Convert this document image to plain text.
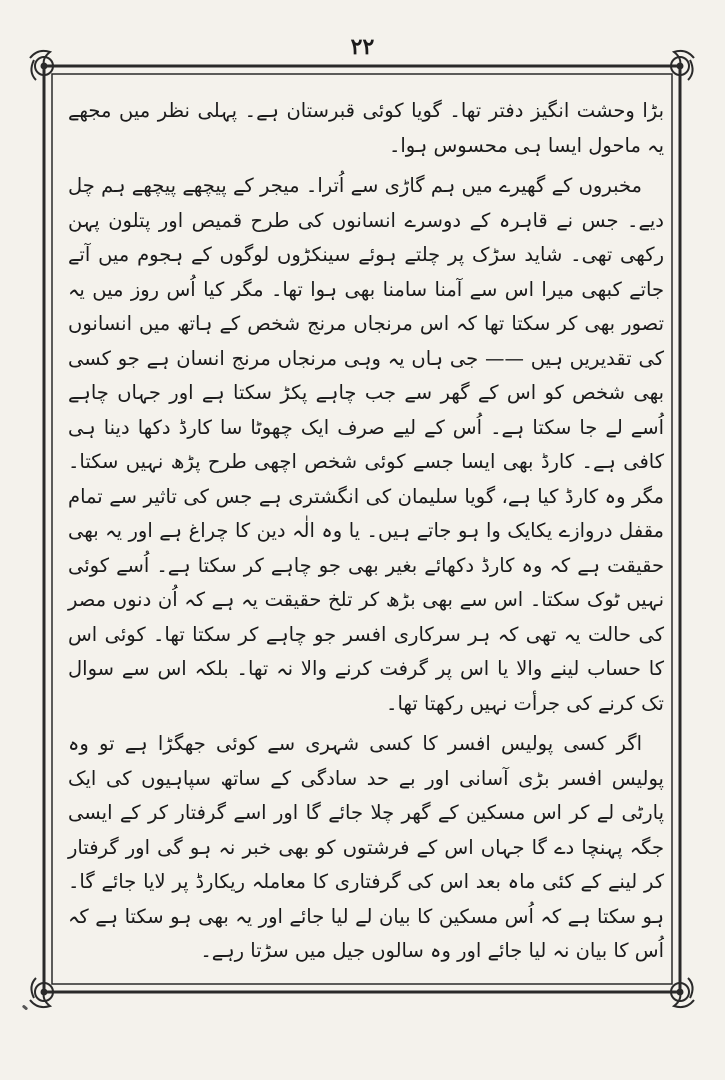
۲۲

بڑا وحشت انگیز دفتر تھا۔ گویا کوئی قبرستان ہے۔ پہلی نظر میں مجھے یہ ماحول ایسا ہی محسوس ہوا۔

مخبروں کے گھیرے میں ہم گاڑی سے اُترا۔ میجر کے پیچھے پیچھے ہم چل دیے۔ جس نے قاہرہ کے دوسرے انسانوں کی طرح قمیص اور پتلون پہن رکھی تھی۔ شاید سڑک پر چلتے ہوئے سینکڑوں لوگوں کے ہجوم میں آتے جاتے کبھی میرا اس سے آمنا سامنا بھی ہوا تھا۔ مگر کیا اُس روز میں یہ تصور بھی کر سکتا تھا کہ اس مرنجاں مرنج شخص کے ہاتھ میں انسانوں کی تقدیریں ہیں —— جی ہاں یہ وہی مرنجاں مرنج انسان ہے جو کسی بھی شخص کو اس کے گھر سے جب چاہے پکڑ سکتا ہے اور جہاں چاہے اُسے لے جا سکتا ہے۔ اُس کے لیے صرف ایک چھوٹا سا کارڈ دکھا دینا ہی کافی ہے۔ کارڈ بھی ایسا جسے کوئی شخص اچھی طرح پڑھ نہیں سکتا۔ مگر وہ کارڈ کیا ہے، گویا سلیمان کی انگشتری ہے جس کی تاثیر سے تمام مقفل دروازے یکایک وا ہو جاتے ہیں۔ یا وہ الٰہ دین کا چراغ ہے اور یہ بھی حقیقت ہے کہ وہ کارڈ دکھائے بغیر بھی جو چاہے کر سکتا ہے۔ اُسے کوئی نہیں ٹوک سکتا۔ اس سے بھی بڑھ کر تلخ حقیقت یہ ہے کہ اُن دنوں مصر کی حالت یہ تھی کہ ہر سرکاری افسر جو چاہے کر سکتا تھا۔ کوئی اس کا حساب لینے والا یا اس پر گرفت کرنے والا نہ تھا۔ بلکہ اس سے سوال تک کرنے کی جرأت نہیں رکھتا تھا۔

اگر کسی پولیس افسر کا کسی شہری سے کوئی جھگڑا ہے تو وہ پولیس افسر بڑی آسانی اور بے حد سادگی کے ساتھ سپاہیوں کی ایک پارٹی لے کر اس مسکین کے گھر چلا جائے گا اور اسے گرفتار کر کے ایسی جگہ پہنچا دے گا جہاں اس کے فرشتوں کو بھی خبر نہ ہو گی اور گرفتار کر لینے کے کئی ماہ بعد اس کی گرفتاری کا معاملہ ریکارڈ پر لایا جائے گا۔ ہو سکتا ہے کہ اُس مسکین کا بیان لے لیا جائے اور یہ بھی ہو سکتا ہے کہ اُس کا بیان نہ لیا جائے اور وہ سالوں جیل میں سڑتا رہے۔
